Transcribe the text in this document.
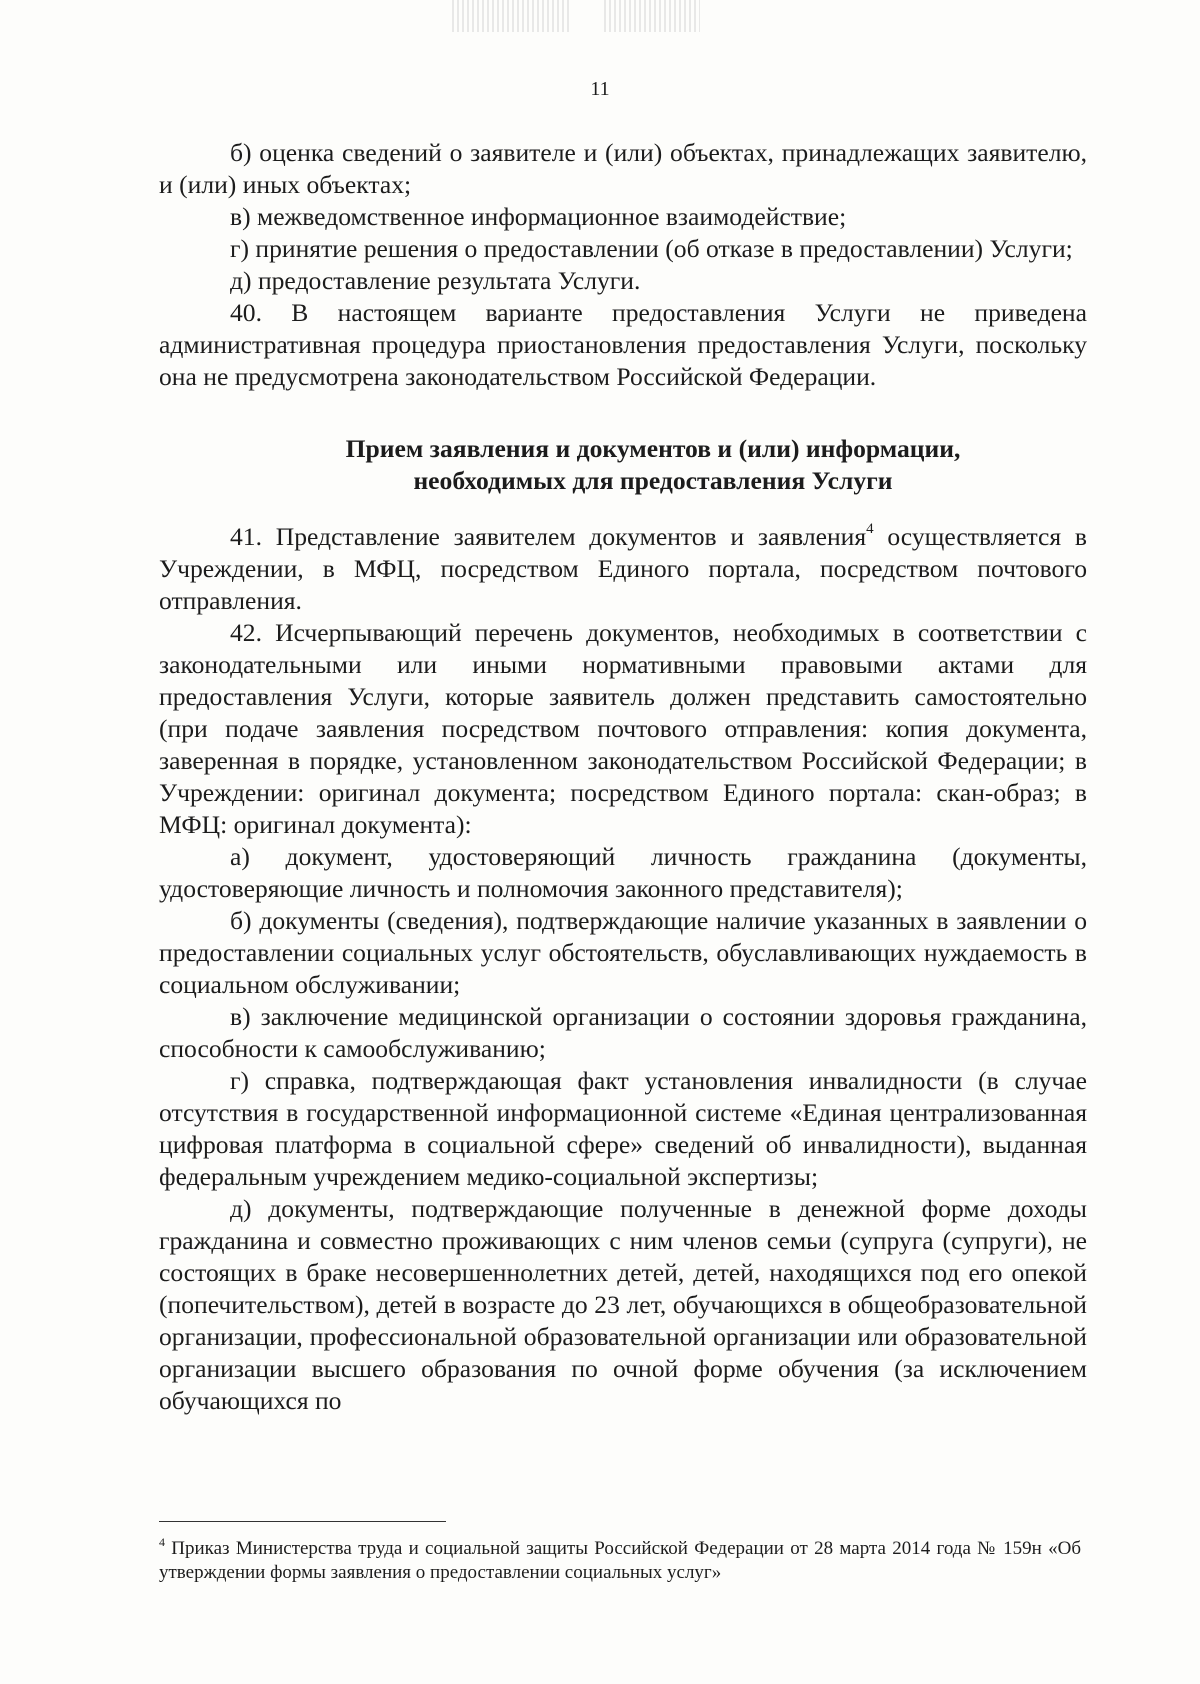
11

б) оценка сведений о заявителе и (или) объектах, принадлежащих заявителю, и (или) иных объектах;

в) межведомственное информационное взаимодействие;

г) принятие решения о предоставлении (об отказе в предоставлении) Услуги;

д) предоставление результата Услуги.

40. В настоящем варианте предоставления Услуги не приведена административная процедура приостановления предоставления Услуги, поскольку она не предусмотрена законодательством Российской Федерации.

Прием заявления и документов и (или) информации,
необходимых для предоставления Услуги

41. Представление заявителем документов и заявления$^4$ осуществляется в Учреждении, в МФЦ, посредством Единого портала, посредством почтового отправления.

42. Исчерпывающий перечень документов, необходимых в соответствии с законодательными или иными нормативными правовыми актами для предоставления Услуги, которые заявитель должен представить самостоятельно (при подаче заявления посредством почтового отправления: копия документа, заверенная в порядке, установленном законодательством Российской Федерации; в Учреждении: оригинал документа; посредством Единого портала: скан-образ; в МФЦ: оригинал документа):

а) документ, удостоверяющий личность гражданина (документы, удостоверяющие личность и полномочия законного представителя);

б) документы (сведения), подтверждающие наличие указанных в заявлении о предоставлении социальных услуг обстоятельств, обуславливающих нуждаемость в социальном обслуживании;

в) заключение медицинской организации о состоянии здоровья гражданина, способности к самообслуживанию;

г) справка, подтверждающая факт установления инвалидности (в случае отсутствия в государственной информационной системе «Единая централизованная цифровая платформа в социальной сфере» сведений об инвалидности), выданная федеральным учреждением медико-социальной экспертизы;

д) документы, подтверждающие полученные в денежной форме доходы гражданина и совместно проживающих с ним членов семьи (супруга (супруги), не состоящих в браке несовершеннолетних детей, детей, находящихся под его опекой (попечительством), детей в возрасте до 23 лет, обучающихся в общеобразовательной организации, профессиональной образовательной организации или образовательной организации высшего образования по очной форме обучения (за исключением обучающихся по

$^4$ Приказ Министерства труда и социальной защиты Российской Федерации от 28 марта 2014 года № 159н «Об утверждении формы заявления о предоставлении социальных услуг»
